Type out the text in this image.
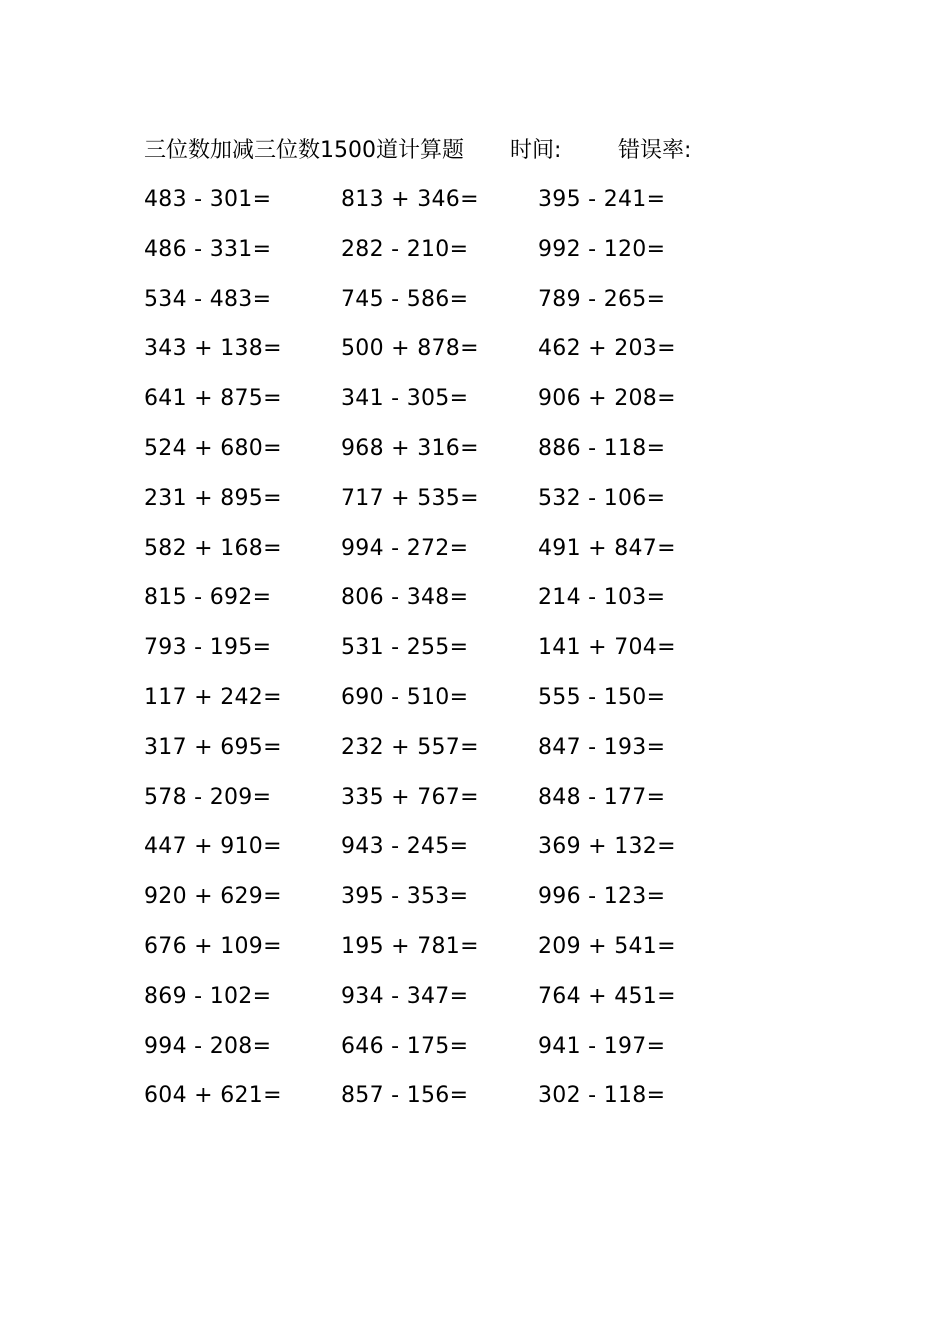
三位数加减三位数1500道计算题 时间:	错误率:
483 - 301=
486 - 331=
534 - 483=
343 + 138=
641 + 875=
524 + 680=
231 + 895=
582 + 168=
815 - 692=
793 - 195=
117 + 242=
317 + 695=
578 - 209=
447 + 910=
920 + 629=
676 + 109=
869 - 102=
994 - 208=
604 + 621=
813 + 346=
282 - 210=
745 - 586=
500 + 878=
341 - 305=
968 + 316=
717 + 535=
994 - 272=
806 - 348=
531 - 255=
690 - 510=
232 + 557=
335 + 767=
943 - 245=
395 - 353=
195 + 781=
934 - 347=
646 - 175=
857 - 156=
395 - 241=
992 - 120=
789 - 265=
462 + 203=
906 + 208=
886 - 118=
532 - 106=
491 + 847=
214 - 103=
141 + 704=
555 - 150=
847 - 193=
848 - 177=
369 + 132=
996 - 123=
209 + 541=
764 + 451=
941 - 197=
302 - 118=
